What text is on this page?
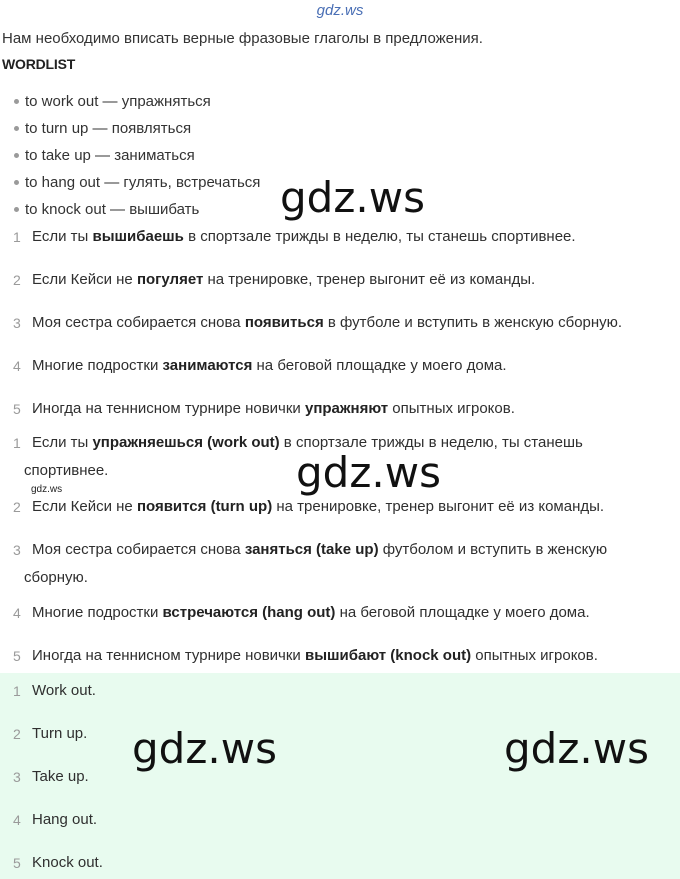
gdz.ws
Нам необходимо вписать верные фразовые глаголы в предложения.
WORDLIST
to work out — упражняться
to turn up — появляться
to take up — заниматься
to hang out — гулять, встречаться
to knock out — вышибать
1 Если ты вышибаешь в спортзале трижды в неделю, ты станешь спортивнее.
2 Если Кейси не погуляет на тренировке, тренер выгонит её из команды.
3 Моя сестра собирается снова появиться в футболе и вступить в женскую сборную.
4 Многие подростки занимаются на беговой площадке у моего дома.
5 Иногда на теннисном турнире новички упражняют опытных игроков.
1 Если ты упражняешься (work out) в спортзале трижды в неделю, ты станешь
спортивнее.
2 Если Кейси не появится (turn up) на тренировке, тренер выгонит её из команды.
3 Моя сестра собирается снова заняться (take up) футболом и вступить в женскую
сборную.
4 Многие подростки встречаются (hang out) на беговой площадке у моего дома.
5 Иногда на теннисном турнире новички вышибают (knock out) опытных игроков.
1 Work out.
2 Turn up.
3 Take up.
4 Hang out.
5 Knock out.
gdz.ws
gdz.ws
gdz.ws
gdz.ws	gdz.ws
